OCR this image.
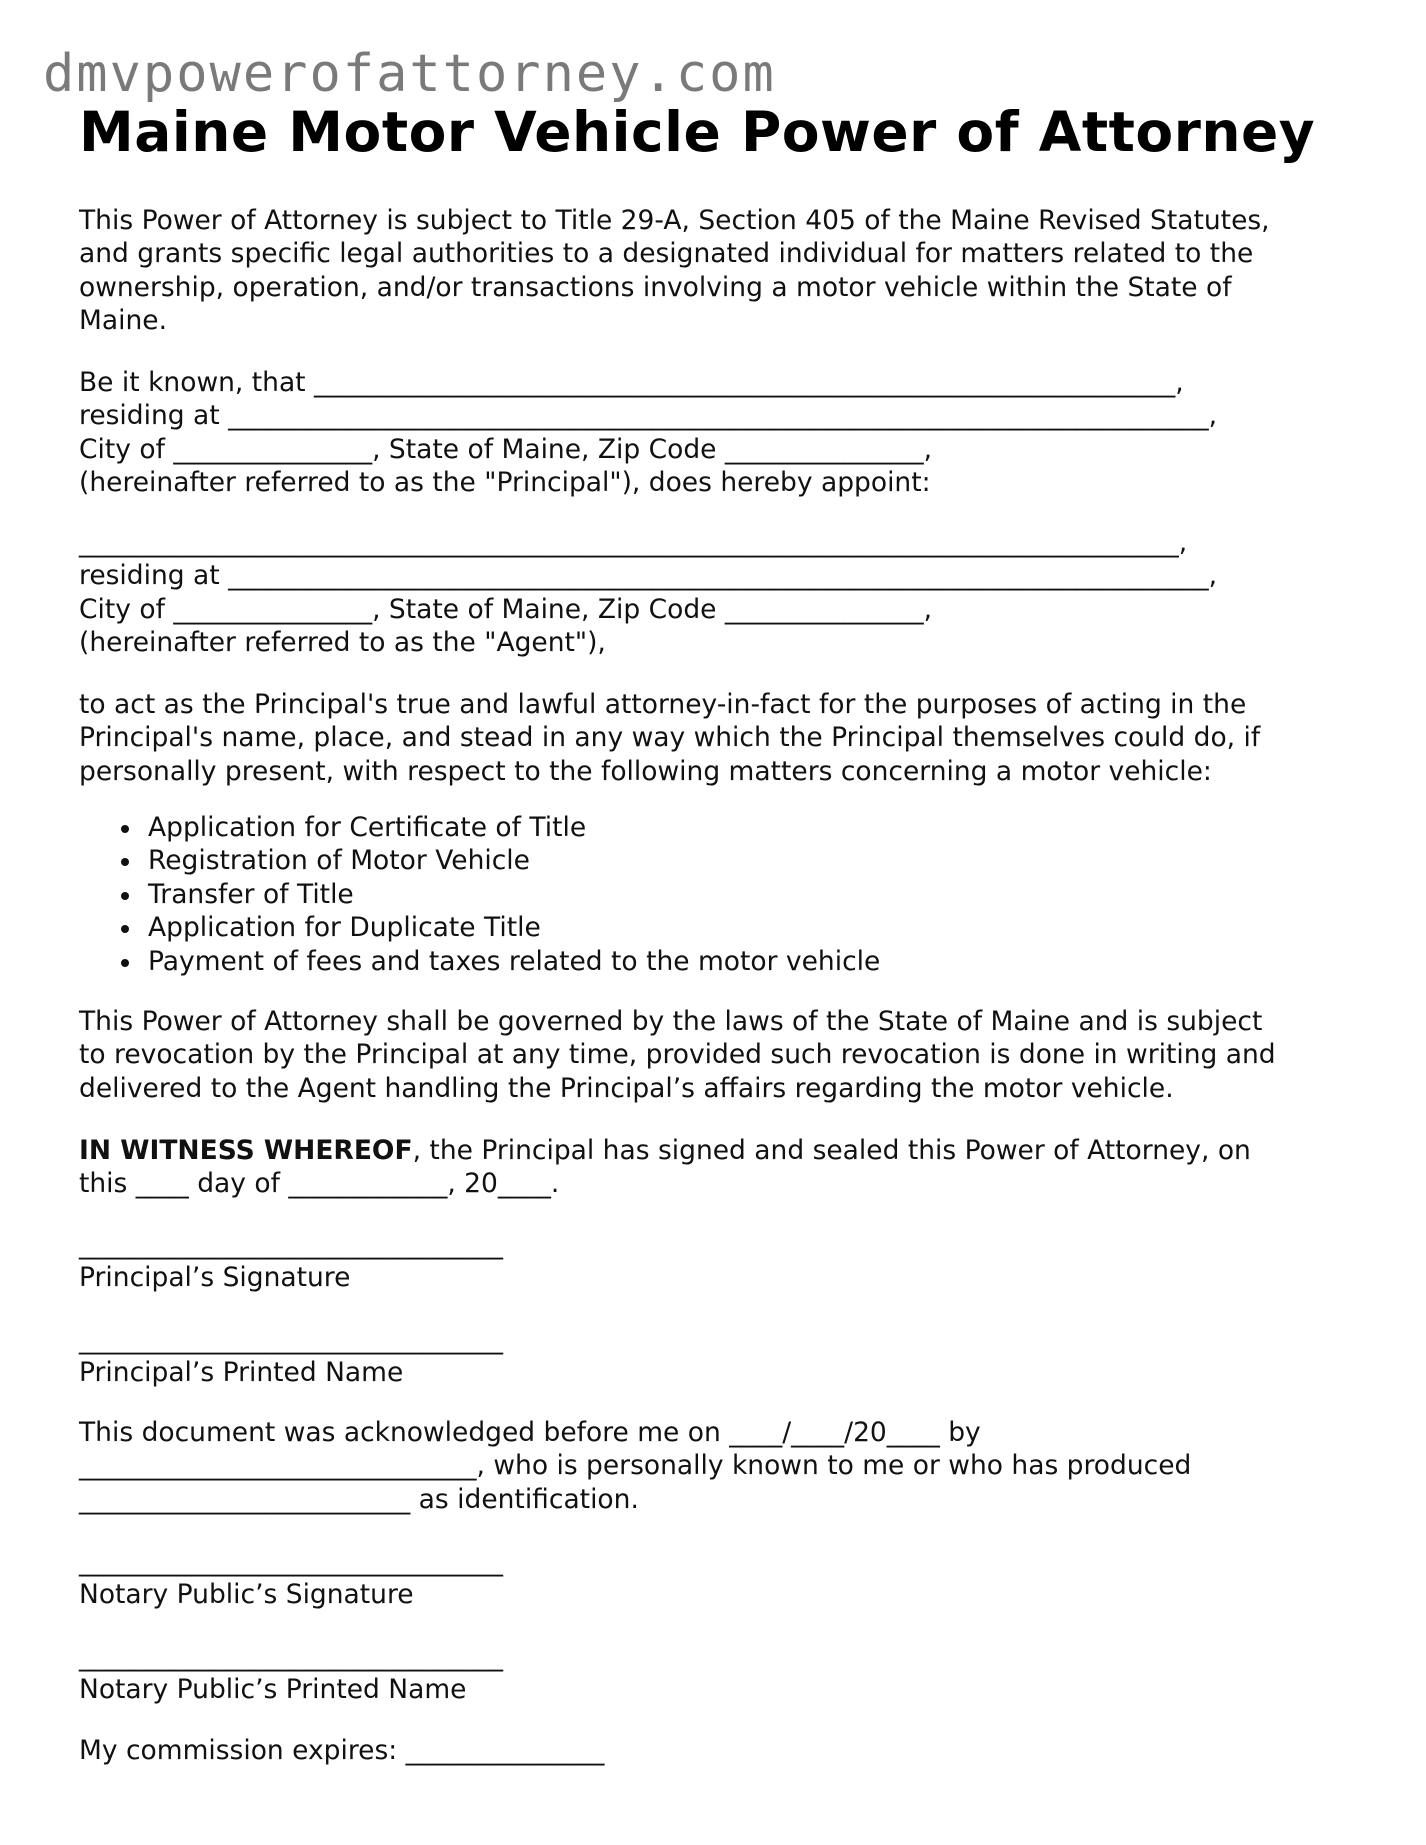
dmvpowerofattorney.com
Maine Motor Vehicle Power of Attorney
This Power of Attorney is subject to Title 29-A, Section 405 of the Maine Revised Statutes,
and grants specific legal authorities to a designated individual for matters related to the
ownership, operation, and/or transactions involving a motor vehicle within the State of
Maine.
Be it known, that _________________________________________________________________,
residing at __________________________________________________________________________,
City of _______________, State of Maine, Zip Code _______________,
(hereinafter referred to as the "Principal"), does hereby appoint:
___________________________________________________________________________________,
residing at __________________________________________________________________________,
City of _______________, State of Maine, Zip Code _______________,
(hereinafter referred to as the "Agent"),
to act as the Principal's true and lawful attorney-in-fact for the purposes of acting in the
Principal's name, place, and stead in any way which the Principal themselves could do, if
personally present, with respect to the following matters concerning a motor vehicle:
Application for Certificate of Title
Registration of Motor Vehicle
Transfer of Title
Application for Duplicate Title
Payment of fees and taxes related to the motor vehicle
This Power of Attorney shall be governed by the laws of the State of Maine and is subject
to revocation by the Principal at any time, provided such revocation is done in writing and
delivered to the Agent handling the Principal’s affairs regarding the motor vehicle.
IN WITNESS WHEREOF, the Principal has signed and sealed this Power of Attorney, on
this ____ day of ____________, 20____.
________________________________
Principal’s Signature
________________________________
Principal’s Printed Name
This document was acknowledged before me on ____/____/20____ by
______________________________, who is personally known to me or who has produced
_________________________ as identification.
________________________________
Notary Public’s Signature
________________________________
Notary Public’s Printed Name
My commission expires: _______________
